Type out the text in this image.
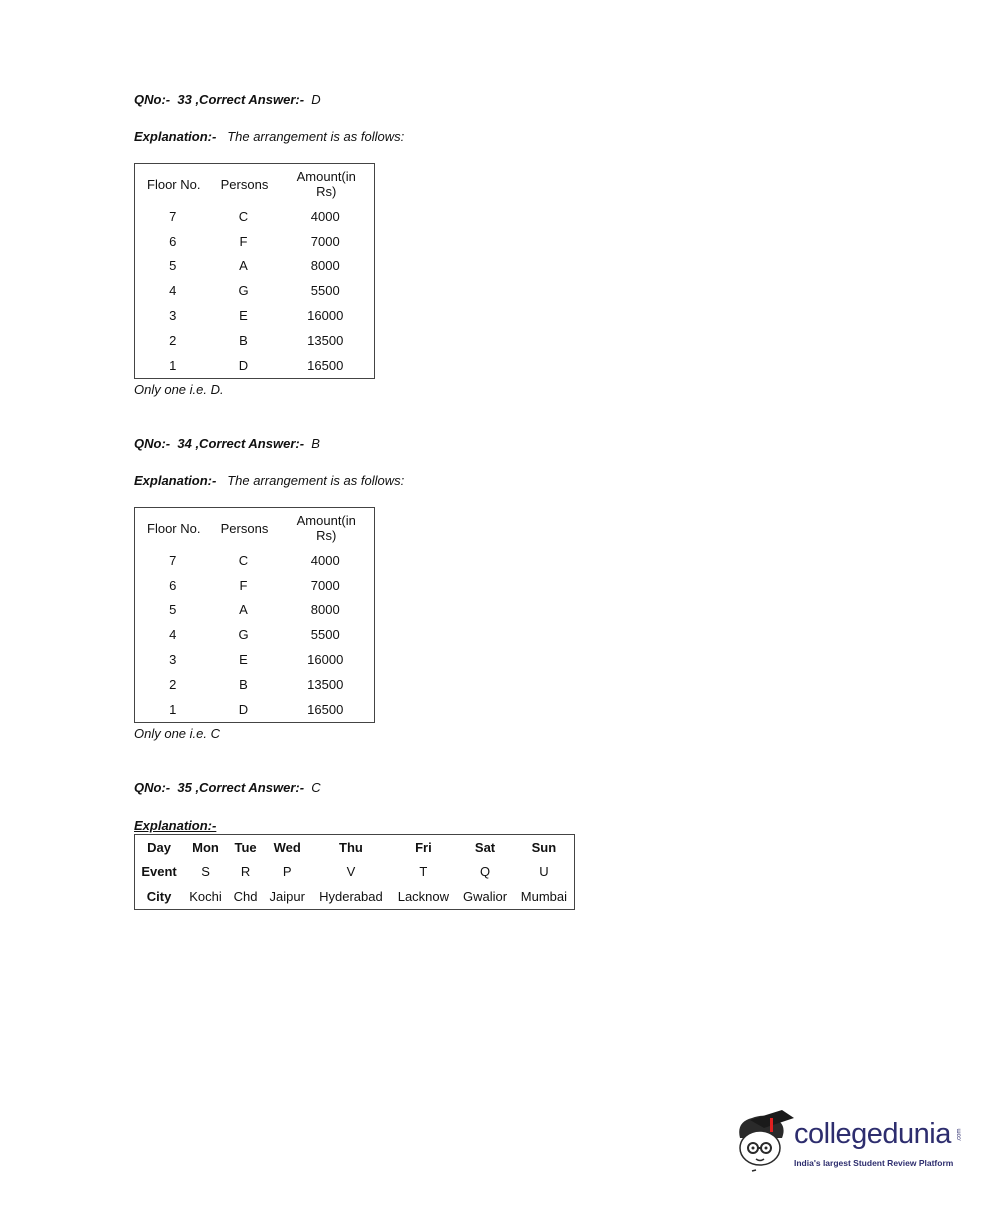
QNo:- 33 ,Correct Answer:- D
Explanation:- The arrangement is as follows:
Floor No.	Persons	Amount(in Rs)
7	C	4000
6	F	7000
5	A	8000
4	G	5500
3	E	16000
2	B	13500
1	D	16500
Only one i.e. D.
QNo:- 34 ,Correct Answer:- B
Explanation:- The arrangement is as follows:
Floor No.	Persons	Amount(in Rs)
7	C	4000
6	F	7000
5	A	8000
4	G	5500
3	E	16000
2	B	13500
1	D	16500
Only one i.e. C
QNo:- 35 ,Correct Answer:- C
Explanation:-
Day	Mon	Tue	Wed	Thu	Fri	Sat	Sun
Event	S	R	P	V	T	Q	U
City	Kochi	Chd	Jaipur	Hyderabad	Lacknow	Gwalior	Mumbai
collegedunia .com
India's largest Student Review Platform
